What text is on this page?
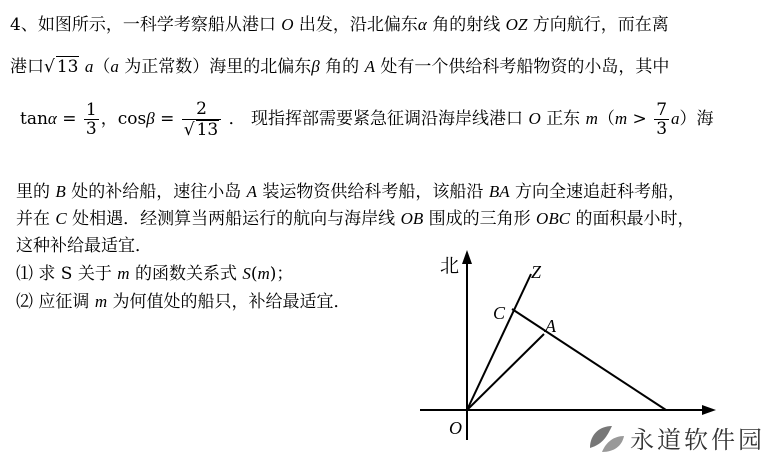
4、如图所示，一科学考察船从港口 O 出发，沿北偏东α 角的射线 OZ 方向航行，而在离
港口√ 13 a（a 为正常数）海里的北偏东β 角的 A 处有一个供给科考船物资的小岛，其中
$\tan\alpha = \frac{1}{3}$ ，$\cos\beta = \frac{2}{√ 13}$ ． 现指挥部需要紧急征调沿海岸线港口 O 正东 $m(m > \frac{7}{3} a)$海
里的 B 处的补给船，速往小岛 A 装运物资供给科考船，该船沿 BA 方向全速追赶科考船，
并在 C 处相遇．经测算当两船运行的航向与海岸线 OB 围成的三角形 OBC 的面积最小时，
这种补给最适宜．
⑴ 求 S 关于 m 的函数关系式 S(m)；
⑵ 应征调 m 为何值处的船只，补给最适宜．
北	Z
C
A
O	永道软件园
